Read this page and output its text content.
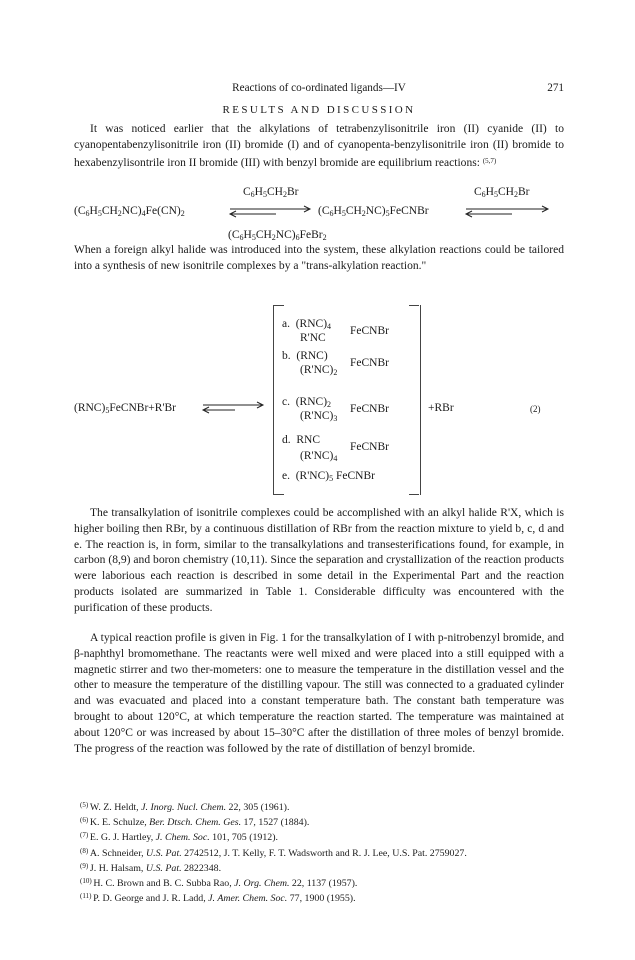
Reactions of co-ordinated ligands—IV	271
RESULTS AND DISCUSSION
It was noticed earlier that the alkylations of tetrabenzylisonitrile iron (II) cyanide (II) to cyanopentabenzylisonitrile iron (II) bromide (I) and of cyanopenta-benzylisonitrile iron (II) bromide to hexabenzylisontrile iron II bromide (III) with benzyl bromide are equilibrium reactions: $^{(5,7)}$
$C_6H_5CH_2Br$	$C_6H_5CH_2Br$
$(C_6H_5CH_2NC)_4Fe(CN)_2$	$(C_6H_5CH_2NC)_5FeCNBr$
$(C_6H_5CH_2NC)_6FeBr_2$
When a foreign alkyl halide was introduced into the system, these alkylation reactions could be tailored into a synthesis of new isonitrile complexes by a "trans-alkylation reaction."
$(RNC)_5FeCNBr+R'Br$
a.  $(RNC)_4$
R'NC
FeCNBr
b.  (RNC)
$(R'NC)_2$
FeCNBr
c.  $(RNC)_2$
$(R'NC)_3$
FeCNBr
d.  RNC
$(R'NC)_4$
FeCNBr
e.  $(R'NC)_5$ FeCNBr
+RBr	(2)
The transalkylation of isonitrile complexes could be accomplished with an alkyl halide R'X, which is higher boiling then RBr, by a continuous distillation of RBr from the reaction mixture to yield b, c, d and e. The reaction is, in form, similar to the transalkylations and transesterifications found, for example, in carbon (8,9) and boron chemistry (10,11). Since the separation and crystallization of the reaction products were laborious each reaction is described in some detail in the Experimental Part and the reaction products isolated are summarized in Table 1. Considerable difficulty was encountered with the purification of these products.
A typical reaction profile is given in Fig. 1 for the transalkylation of I with p-nitrobenzyl bromide, and β-naphthyl bromomethane. The reactants were well mixed and were placed into a still equipped with a magnetic stirrer and two ther-mometers: one to measure the temperature in the distillation vessel and the other to measure the temperature of the distilling vapour. The still was connected to a graduated cylinder and was evacuated and placed into a constant temperature bath. The constant bath temperature was brought to about 120°C, at which temperature the reaction started. The temperature was maintained at about 120°C or was increased by about 15–30°C after the distillation of three moles of benzyl bromide. The progress of the reaction was followed by the rate of distillation of benzyl bromide.
$^{(5)}$ W. Z. Heldt, J. Inorg. Nucl. Chem. 22, 305 (1961).
$^{(6)}$ K. E. Schulze, Ber. Dtsch. Chem. Ges. 17, 1527 (1884).
$^{(7)}$ E. G. J. Hartley, J. Chem. Soc. 101, 705 (1912).
$^{(8)}$ A. Schneider, U.S. Pat. 2742512, J. T. Kelly, F. T. Wadsworth and R. J. Lee, U.S. Pat. 2759027.
$^{(9)}$ J. H. Halsam, U.S. Pat. 2822348.
$^{(10)}$ H. C. Brown and B. C. Subba Rao, J. Org. Chem. 22, 1137 (1957).
$^{(11)}$ P. D. George and J. R. Ladd, J. Amer. Chem. Soc. 77, 1900 (1955).
